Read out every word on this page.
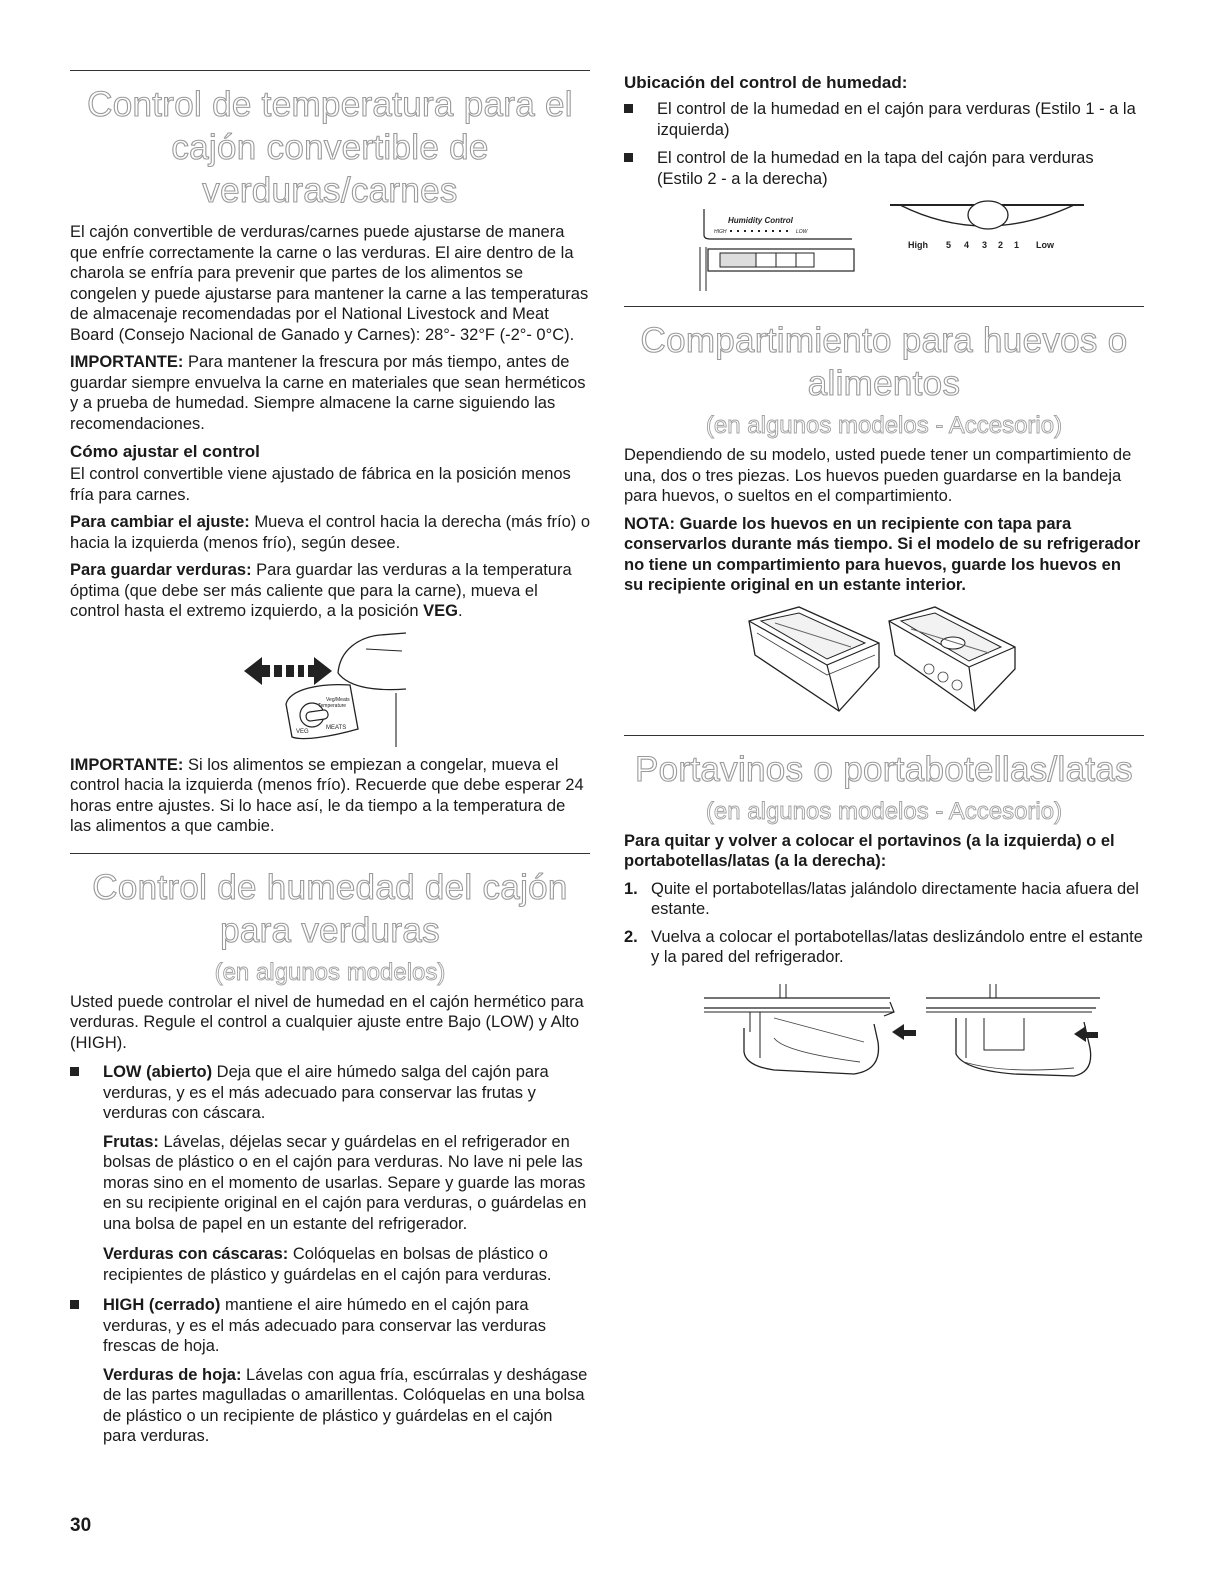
Control de temperatura para el cajón convertible de verduras/carnes

El cajón convertible de verduras/carnes puede ajustarse de manera que enfríe correctamente la carne o las verduras. El aire dentro de la charola se enfría para prevenir que partes de los alimentos se congelen y puede ajustarse para mantener la carne a las temperaturas de almacenaje recomendadas por el National Livestock and Meat Board (Consejo Nacional de Ganado y Carnes): 28°- 32°F (-2°- 0°C).

IMPORTANTE: Para mantener la frescura por más tiempo, antes de guardar siempre envuelva la carne en materiales que sean herméticos y a prueba de humedad. Siempre almacene la carne siguiendo las recomendaciones.

Cómo ajustar el control

El control convertible viene ajustado de fábrica en la posición menos fría para carnes.

Para cambiar el ajuste: Mueva el control hacia la derecha (más frío) o hacia la izquierda (menos frío), según desee.

Para guardar verduras: Para guardar las verduras a la temperatura óptima (que debe ser más caliente que para la carne), mueva el control hasta el extremo izquierdo, a la posición VEG.

Veg/Meats
Temperature
VEG
MEATS

IMPORTANTE: Si los alimentos se empiezan a congelar, mueva el control hacia la izquierda (menos frío). Recuerde que debe esperar 24 horas entre ajustes. Si lo hace así, le da tiempo a la temperatura de las alimentos a que cambie.

Control de humedad del cajón para verduras
(en algunos modelos)

Usted puede controlar el nivel de humedad en el cajón hermético para verduras. Regule el control a cualquier ajuste entre Bajo (LOW) y Alto (HIGH).

LOW (abierto) Deja que el aire húmedo salga del cajón para verduras, y es el más adecuado para conservar las frutas y verduras con cáscara.

Frutas: Lávelas, déjelas secar y guárdelas en el refrigerador en bolsas de plástico o en el cajón para verduras. No lave ni pele las moras sino en el momento de usarlas. Separe y guarde las moras en su recipiente original en el cajón para verduras, o guárdelas en una bolsa de papel en un estante del refrigerador.

Verduras con cáscaras: Colóquelas en bolsas de plástico o recipientes de plástico y guárdelas en el cajón para verduras.

HIGH (cerrado) mantiene el aire húmedo en el cajón para verduras, y es el más adecuado para conservar las verduras frescas de hoja.

Verduras de hoja: Lávelas con agua fría, escúrralas y deshágase de las partes magulladas o amarillentas. Colóquelas en una bolsa de plástico o un recipiente de plástico y guárdelas en el cajón para verduras.

Ubicación del control de humedad:
El control de la humedad en el cajón para verduras (Estilo 1 - a la izquierda)
El control de la humedad en la tapa del cajón para verduras (Estilo 2 - a la derecha)
Humidity Control
HIGH	LOW
High 5 4 3 2 1 Low
Compartimiento para huevos o alimentos
(en algunos modelos - Accesorio)

Dependiendo de su modelo, usted puede tener un compartimiento de una, dos o tres piezas. Los huevos pueden guardarse en la bandeja para huevos, o sueltos en el compartimiento.

NOTA: Guarde los huevos en un recipiente con tapa para conservarlos durante más tiempo. Si el modelo de su refrigerador no tiene un compartimiento para huevos, guarde los huevos en su recipiente original en un estante interior.

Portavinos o portabotellas/latas
(en algunos modelos - Accesorio)

Para quitar y volver a colocar el portavinos (a la izquierda) o el portabotellas/latas (a la derecha):

1. Quite el portabotellas/latas jalándolo directamente hacia afuera del estante.
2. Vuelva a colocar el portabotellas/latas deslizándolo entre el estante y la pared del refrigerador.
30
